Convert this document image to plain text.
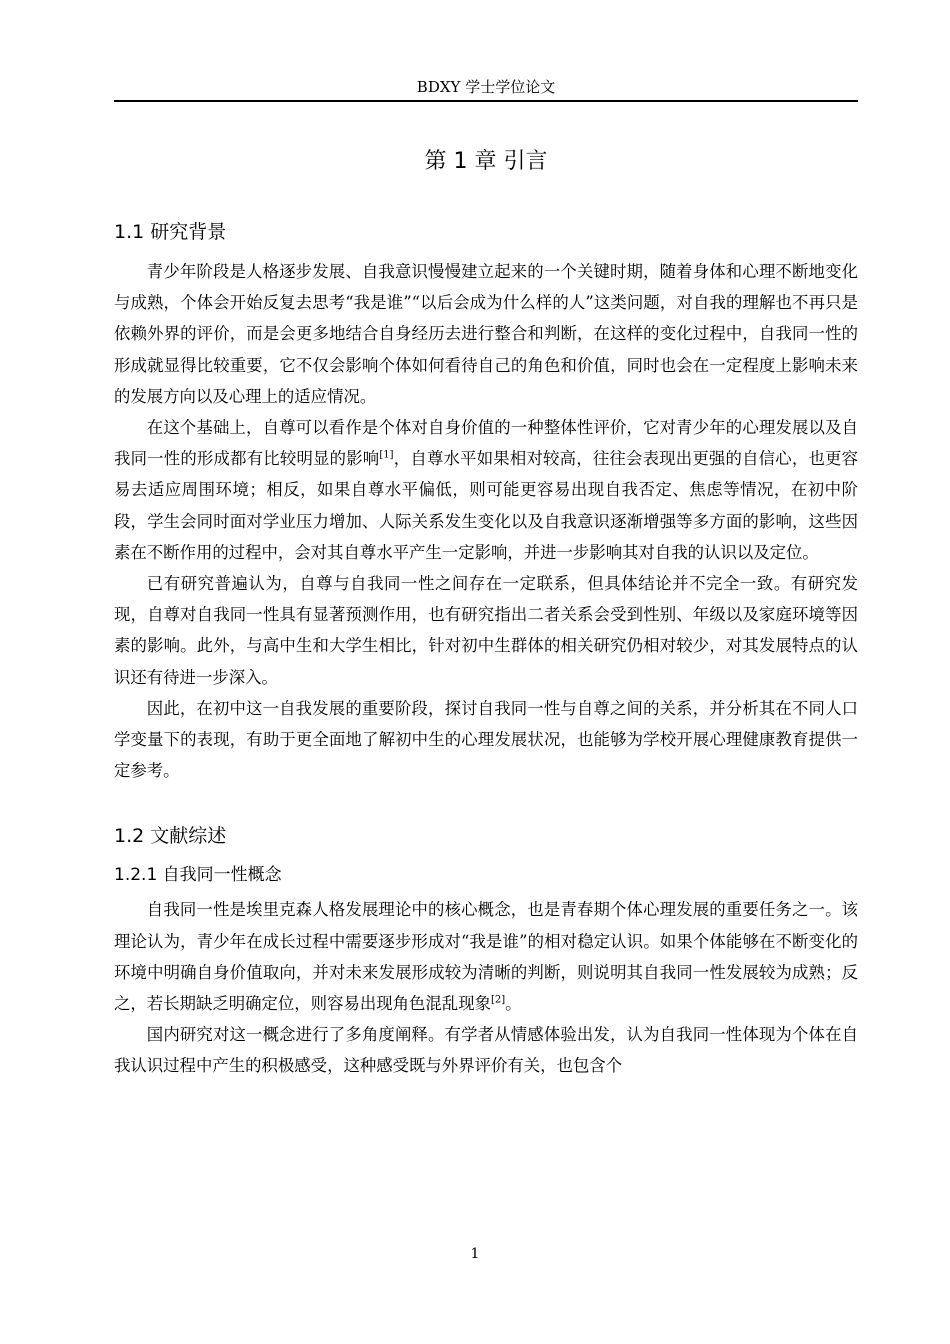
BDXY 学士学位论文
第 1 章 引言
1.1 研究背景

青少年阶段是人格逐步发展、自我意识慢慢建立起来的一个关键时期，随着身体和心理不断地变化与成熟，个体会开始反复去思考“我是谁”“以后会成为什么样的人”这类问题，对自我的理解也不再只是依赖外界的评价，而是会更多地结合自身经历去进行整合和判断，在这样的变化过程中，自我同一性的形成就显得比较重要，它不仅会影响个体如何看待自己的角色和价值，同时也会在一定程度上影响未来的发展方向以及心理上的适应情况。

在这个基础上，自尊可以看作是个体对自身价值的一种整体性评价，它对青少年的心理发展以及自我同一性的形成都有比较明显的影响[1]，自尊水平如果相对较高，往往会表现出更强的自信心，也更容易去适应周围环境；相反，如果自尊水平偏低，则可能更容易出现自我否定、焦虑等情况，在初中阶段，学生会同时面对学业压力增加、人际关系发生变化以及自我意识逐渐增强等多方面的影响，这些因素在不断作用的过程中，会对其自尊水平产生一定影响，并进一步影响其对自我的认识以及定位。

已有研究普遍认为，自尊与自我同一性之间存在一定联系，但具体结论并不完全一致。有研究发现，自尊对自我同一性具有显著预测作用，也有研究指出二者关系会受到性别、年级以及家庭环境等因素的影响。此外，与高中生和大学生相比，针对初中生群体的相关研究仍相对较少，对其发展特点的认识还有待进一步深入。

因此，在初中这一自我发展的重要阶段，探讨自我同一性与自尊之间的关系，并分析其在不同人口学变量下的表现，有助于更全面地了解初中生的心理发展状况，也能够为学校开展心理健康教育提供一定参考。

1.2 文献综述
1.2.1 自我同一性概念

自我同一性是埃里克森人格发展理论中的核心概念，也是青春期个体心理发展的重要任务之一。该理论认为，青少年在成长过程中需要逐步形成对“我是谁”的相对稳定认识。如果个体能够在不断变化的环境中明确自身价值取向，并对未来发展形成较为清晰的判断，则说明其自我同一性发展较为成熟；反之，若长期缺乏明确定位，则容易出现角色混乱现象[2]。

国内研究对这一概念进行了多角度阐释。有学者从情感体验出发，认为自我同一性体现为个体在自我认识过程中产生的积极感受，这种感受既与外界评价有关，也包含个

1
